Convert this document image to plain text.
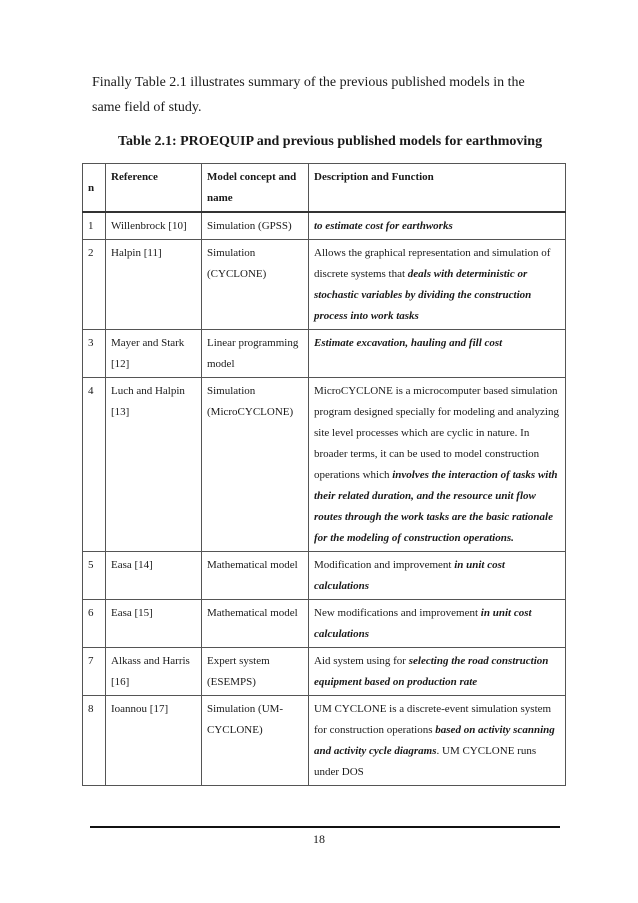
Finally Table 2.1 illustrates summary of the previous published models in the same field of study.

Table 2.1: PROEQUIP and previous published models for earthmoving

n	Reference	Model concept and name	Description and Function
1	Willenbrock [10]	Simulation (GPSS)	to estimate cost for earthworks
2	Halpin [11]	Simulation (CYCLONE)	Allows the graphical representation and simulation of discrete systems that deals with deterministic or stochastic variables by dividing the construction process into work tasks
3	Mayer and Stark [12]	Linear programming model	Estimate excavation, hauling and fill cost
4	Luch and Halpin [13]	Simulation (MicroCYCLONE)	MicroCYCLONE is a microcomputer based simulation program designed specially for modeling and analyzing site level processes which are cyclic in nature. In broader terms, it can be used to model construction operations which involves the interaction of tasks with their related duration, and the resource unit flow routes through the work tasks are the basic rationale for the modeling of construction operations.
5	Easa [14]	Mathematical model	Modification and improvement in unit cost calculations
6	Easa [15]	Mathematical model	New modifications and improvement in unit cost calculations
7	Alkass and Harris [16]	Expert system (ESEMPS)	Aid system using for selecting the road construction equipment based on production rate
8	Ioannou [17]	Simulation (UM-CYCLONE)	UM CYCLONE is a discrete-event simulation system for construction operations based on activity scanning and activity cycle diagrams. UM CYCLONE runs under DOS
18
